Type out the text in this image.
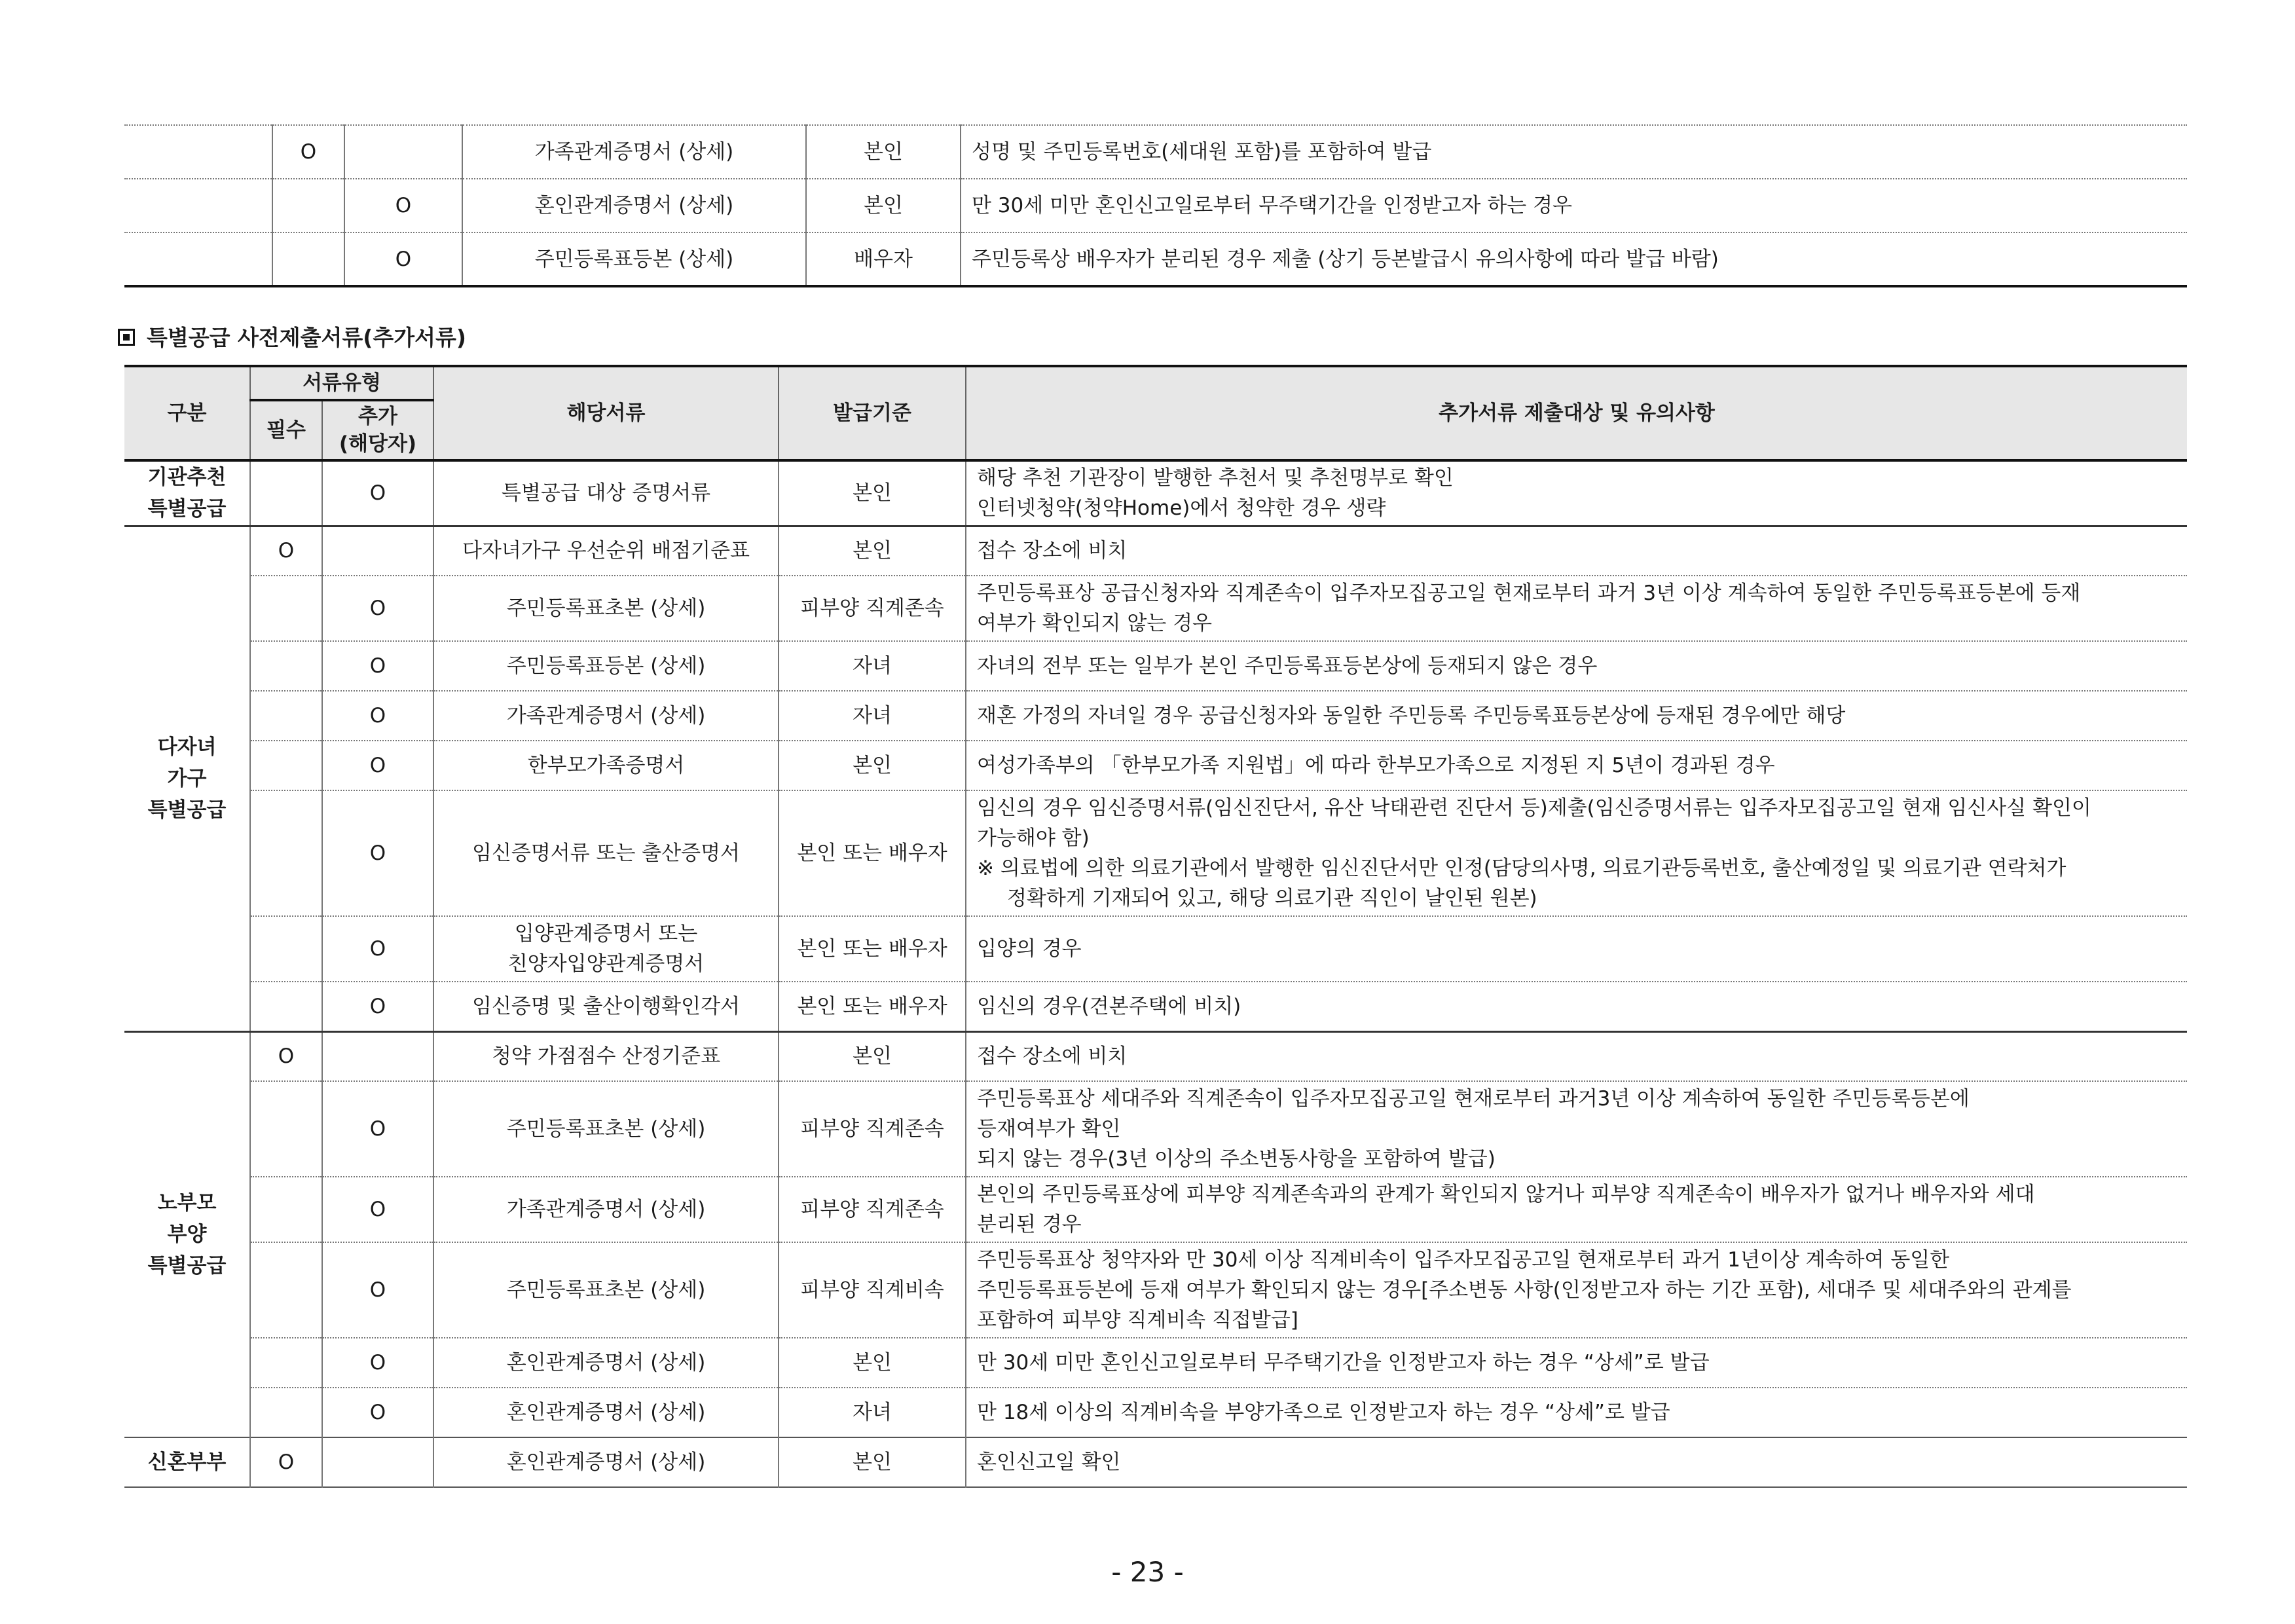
	O		가족관계증명서 (상세)	본인	성명 및 주민등록번호(세대원 포함)를 포함하여 발급
		O	혼인관계증명서 (상세)	본인	만 30세 미만 혼인신고일로부터 무주택기간을 인정받고자 하는 경우
		O	주민등록표등본 (상세)	배우자	주민등록상 배우자가 분리된 경우 제출 (상기 등본발급시 유의사항에 따라 발급 바람)
특별공급 사전제출서류(추가서류)
구분	서류유형		해당서류	발급기준	추가서류 제출대상 및 유의사항
	필수	추가
(해당자)			
기관추천
특별공급		O	특별공급 대상 증명서류	본인	해당 추천 기관장이 발행한 추천서 및 추천명부로 확인
인터넷청약(청약Home)에서 청약한 경우 생략
다자녀
가구
특별공급	O		다자녀가구 우선순위 배점기준표	본인	접수 장소에 비치
		O	주민등록표초본 (상세)	피부양 직계존속	주민등록표상 공급신청자와 직계존속이 입주자모집공고일 현재로부터 과거 3년 이상 계속하여 동일한 주민등록표등본에 등재
여부가 확인되지 않는 경우
		O	주민등록표등본 (상세)	자녀	자녀의 전부 또는 일부가 본인 주민등록표등본상에 등재되지 않은 경우
		O	가족관계증명서 (상세)	자녀	재혼 가정의 자녀일 경우 공급신청자와 동일한 주민등록 주민등록표등본상에 등재된 경우에만 해당
		O	한부모가족증명서	본인	여성가족부의 「한부모가족 지원법」에 따라 한부모가족으로 지정된 지 5년이 경과된 경우
		O	임신증명서류 또는 출산증명서	본인 또는 배우자	임신의 경우 임신증명서류(임신진단서, 유산 낙태관련 진단서 등)제출(임신증명서류는 입주자모집공고일 현재 임신사실 확인이
가능해야 함)
※ 의료법에 의한 의료기관에서 발행한 임신진단서만 인정(담당의사명, 의료기관등록번호, 출산예정일 및 의료기관 연락처가
정확하게 기재되어 있고, 해당 의료기관 직인이 날인된 원본)
		O	입양관계증명서 또는
친양자입양관계증명서	본인 또는 배우자	입양의 경우
		O	임신증명 및 출산이행확인각서	본인 또는 배우자	임신의 경우(견본주택에 비치)
노부모
부양
특별공급	O		청약 가점점수 산정기준표	본인	접수 장소에 비치
		O	주민등록표초본 (상세)	피부양 직계존속	주민등록표상 세대주와 직계존속이 입주자모집공고일 현재로부터 과거3년 이상 계속하여 동일한 주민등록등본에
등재여부가 확인
되지 않는 경우(3년 이상의 주소변동사항을 포함하여 발급)
		O	가족관계증명서 (상세)	피부양 직계존속	본인의 주민등록표상에 피부양 직계존속과의 관계가 확인되지 않거나 피부양 직계존속이 배우자가 없거나 배우자와 세대
분리된 경우
		O	주민등록표초본 (상세)	피부양 직계비속	주민등록표상 청약자와 만 30세 이상 직계비속이 입주자모집공고일 현재로부터 과거 1년이상 계속하여 동일한
주민등록표등본에 등재 여부가 확인되지 않는 경우[주소변동 사항(인정받고자 하는 기간 포함), 세대주 및 세대주와의 관계를
포함하여 피부양 직계비속 직접발급]
		O	혼인관계증명서 (상세)	본인	만 30세 미만 혼인신고일로부터 무주택기간을 인정받고자 하는 경우 “상세”로 발급
		O	혼인관계증명서 (상세)	자녀	만 18세 이상의 직계비속을 부양가족으로 인정받고자 하는 경우 “상세”로 발급
신혼부부	O		혼인관계증명서 (상세)	본인	혼인신고일 확인
- 23 -
